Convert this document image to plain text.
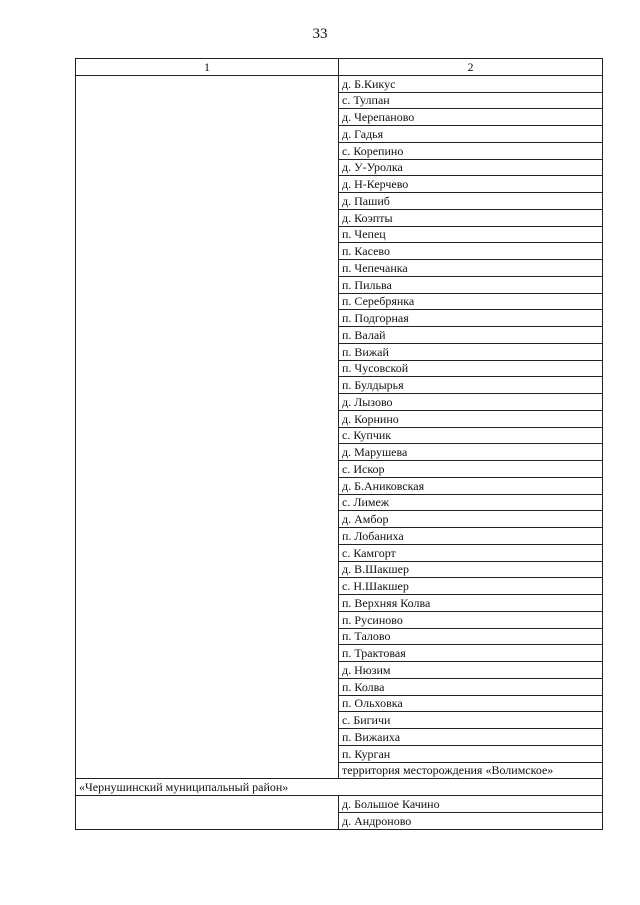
33
1	2
	д. Б.Кикус
	с. Тулпан
	д. Черепаново
	д. Гадья
	с. Корепино
	д. У-Уролка
	д. Н-Керчево
	д. Пашиб
	д. Коэпты
	п. Чепец
	п. Касево
	п. Чепечанка
	п. Пильва
	п. Серебрянка
	п. Подгорная
	п. Валай
	п. Вижай
	п. Чусовской
	п. Булдырья
	д. Лызово
	д. Корнино
	с. Купчик
	д. Марушева
	с. Искор
	д. Б.Аниковская
	с. Лимеж
	д. Амбор
	п. Лобаниха
	с. Камгорт
	д. В.Шакшер
	с. Н.Шакшер
	п. Верхняя Колва
	п. Русиново
	п. Талово
	п. Трактовая
	д. Нюзим
	п. Колва
	п. Ольховка
	с. Бигичи
	п. Вижаиха
	п. Курган
	территория месторождения «Волимское»
«Чернушинский муниципальный район»	
	д. Большое Качино
	д. Андроново
